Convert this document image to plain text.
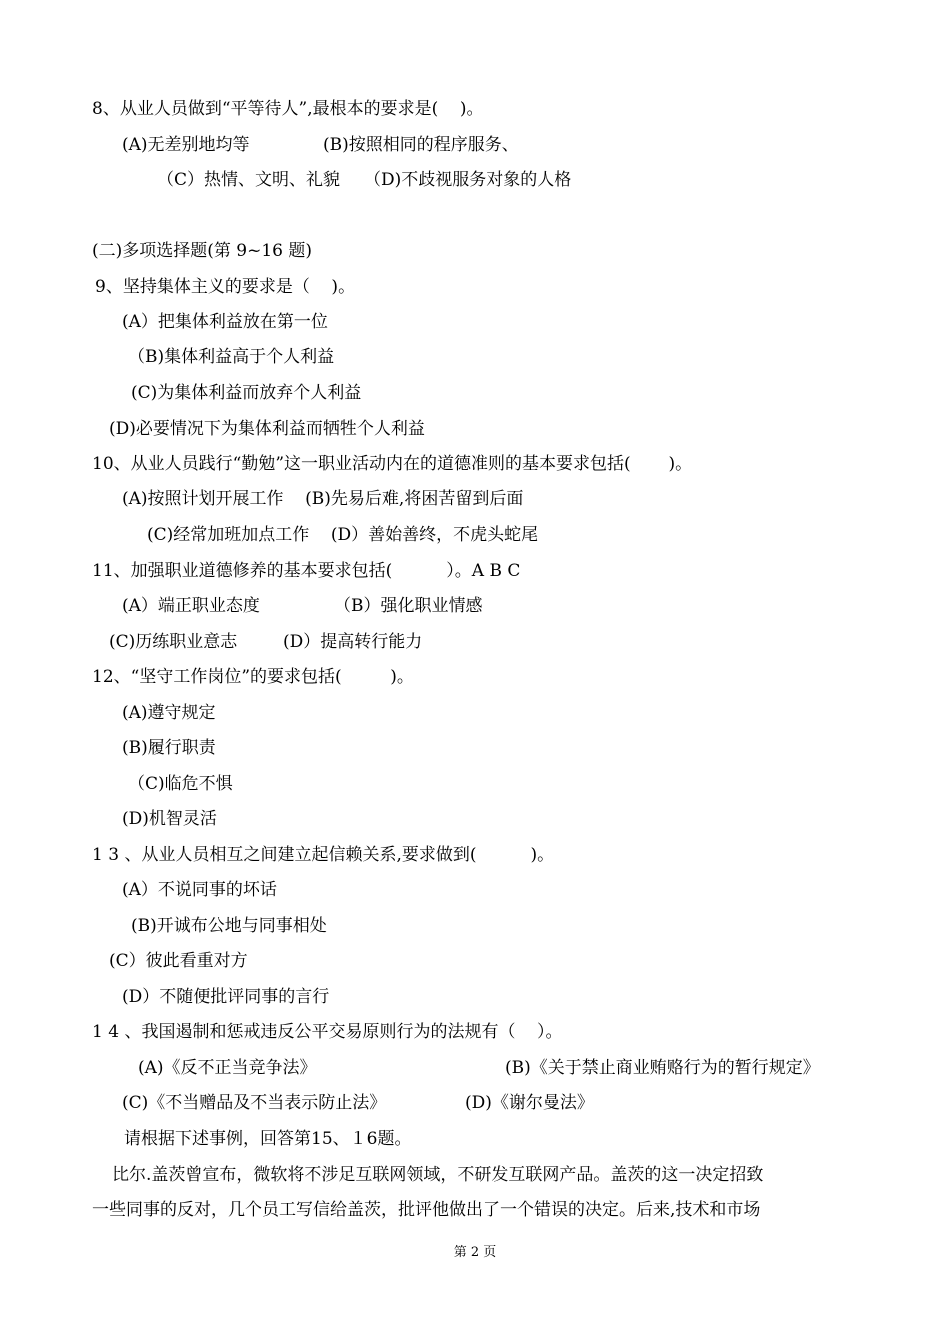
8、从业人员做到“平等待人”,最根本的要求是(    )。
(A)无差别地均等	(B)按照相同的程序服务、
（C）热情、文明、礼貌 （D)不歧视服务对象的人格
(二)多项选择题(第 9~16 题)
9、坚持集体主义的要求是（    )。
(A）把集体利益放在第一位
（B)集体利益高于个人利益
(C)为集体利益而放弃个人利益
(D)必要情况下为集体利益而牺牲个人利益
10、从业人员践行“勤勉”这一职业活动内在的道德准则的基本要求包括(       )。
(A)按照计划开展工作    (B)先易后难,将困苦留到后面
(C)经常加班加点工作    (D）善始善终，不虎头蛇尾
11、加强职业道德修养的基本要求包括(          ）。A B C
(A）端正职业态度	（B）强化职业情感
(C)历练职业意志	(D）提高转行能力
12、“坚守工作岗位”的要求包括(         )。
(A)遵守规定
(B)履行职责
（C)临危不惧
(D)机智灵活
1 3 、从业人员相互之间建立起信赖关系,要求做到(          )。
(A）不说同事的坏话
(B)开诚布公地与同事相处
(C）彼此看重对方
(D）不随便批评同事的言行
1 4 、我国遏制和惩戒违反公平交易原则行为的法规有（    ）。
(A)《反不正当竞争法》	(B)《关于禁止商业贿赂行为的暂行规定》
(C)《不当赠品及不当表示防止法》	(D)《谢尔曼法》
请根据下述事例，回答第15、１6题。
比尔.盖茨曾宣布，微软将不涉足互联网领域，不研发互联网产品。盖茨的这一决定招致
一些同事的反对，几个员工写信给盖茨，批评他做出了一个错误的决定。后来,技术和市场
第 2 页
